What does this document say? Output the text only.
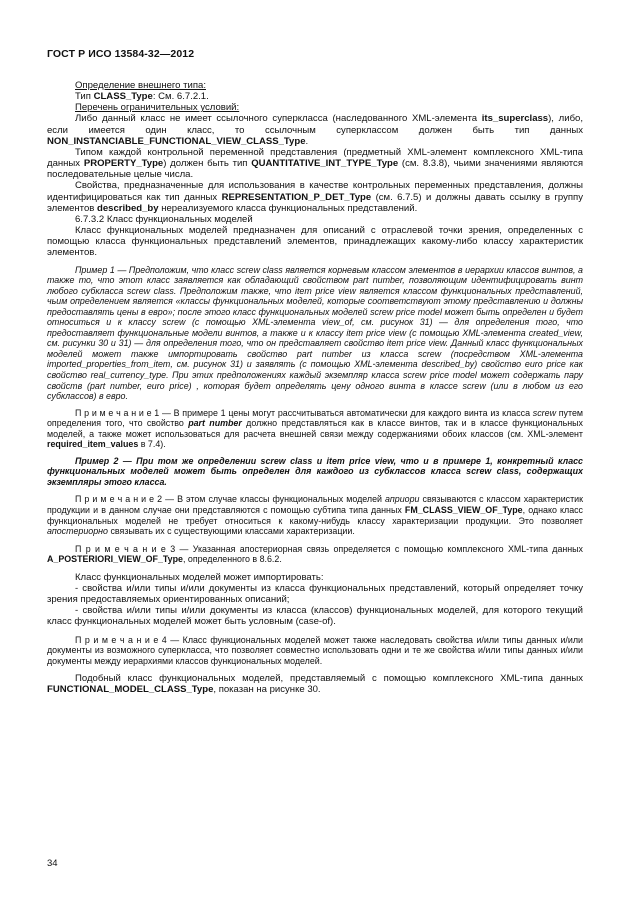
ГОСТ Р ИСО 13584-32—2012

Определение внешнего типа:

Тип CLASS_Type: См. 6.7.2.1.

Перечень ограничительных условий:

Либо данный класс не имеет ссылочного суперкласса (наследованного XML-элемента its_superclass), либо, если имеется один класс, то ссылочным суперклассом должен быть тип данных NON_INSTANCIABLE_FUNCTIONAL_VIEW_CLASS_Type.

Типом каждой контрольной переменной представления (предметный XML-элемент комплексного XML-типа данных PROPERTY_Type) должен быть тип QUANTITATIVE_INT_TYPE_Type (см. 8.3.8), чьими значениями являются последовательные целые числа.

Свойства, предназначенные для использования в качестве контрольных переменных представления, должны идентифицироваться как тип данных REPRESENTATION_P_DET_Type (см. 6.7.5) и должны давать ссылку в группу элементов described_by нереализуемого класса функциональных представлений.

6.7.3.2 Класс функциональных моделей

Класс функциональных моделей предназначен для описаний с отраслевой точки зрения, определенных с помощью класса функциональных представлений элементов, принадлежащих какому-либо классу характеристик элементов.

Пример 1 — Предположим, что класс screw class является корневым классом элементов в иерархии классов винтов, а также то, что этот класс заявляется как обладающий свойством part number, позволяющим идентифицировать винт любого субкласса screw class. Предположим также, что item price view является классом функциональных представлений, чьим определением является «классы функциональных моделей, которые соответствуют этому представлению и должны предоставлять цены в евро»; после этого класс функциональных моделей screw price model может быть определен и будет относиться и к классу screw (с помощью XML-элемента view_of, см. рисунок 31) — для определения того, что предоставляет функциональные модели винтов, а также и к классу item price view (с помощью XML-элемента created_view, см. рисунки 30 и 31) — для определения того, что он представляет свойство item price view. Данный класс функциональных моделей может также импортировать свойство part number из класса screw (посредством XML-элемента imported_properties_from_item, см. рисунок 31) и заявлять (с помощью XML-элемента described_by) свойство euro price как свойство real_currency_type. При этих предположениях каждый экземпляр класса screw price model может содержать пару свойств (part number, euro price) , которая будет определять цену одного винта в классе screw (или в любом из его субклассов) в евро.

П р и м е ч а н и е 1 — В примере 1 цены могут рассчитываться автоматически для каждого винта из класса screw путем определения того, что свойство part number должно представляться как в классе винтов, так и в классе функциональных моделей, а также может использоваться для расчета внешней связи между содержаниями обоих классов (см. XML-элемент required_item_values в 7.4).

Пример 2 — При том же определении screw class и item price view, что и в примере 1, конкретный класс функциональных моделей может быть определен для каждого из субклассов класса screw class, содержащих экземпляры этого класса.

П р и м е ч а н и е 2 — В этом случае классы функциональных моделей априори связываются с классом характеристик продукции и в данном случае они представляются с помощью субтипа типа данных FM_CLASS_VIEW_OF_Type, однако класс функциональных моделей не требует относиться к какому-нибудь классу характеризации продукции. Это позволяет апостериорно связывать их с существующими классами характеризации.

П р и м е ч а н и е 3 — Указанная апостериорная связь определяется с помощью комплексного XML-типа данных A_POSTERIORI_VIEW_OF_Type, определенного в 8.6.2.

Класс функциональных моделей может импортировать:

- свойства и/или типы и/или документы из класса функциональных представлений, который определяет точку зрения предоставляемых ориентированных описаний;

- свойства и/или типы и/или документы из класса (классов) функциональных моделей, для которого текущий класс функциональных моделей может быть условным (case-of).

П р и м е ч а н и е 4 — Класс функциональных моделей может также наследовать свойства и/или типы данных и/или документы из возможного суперкласса, что позволяет совместно использовать одни и те же свойства и/или типы данных и/или документы между иерархиями классов функциональных моделей.

Подобный класс функциональных моделей, представляемый с помощью комплексного XML-типа данных FUNCTIONAL_MODEL_CLASS_Type, показан на рисунке 30.

34
